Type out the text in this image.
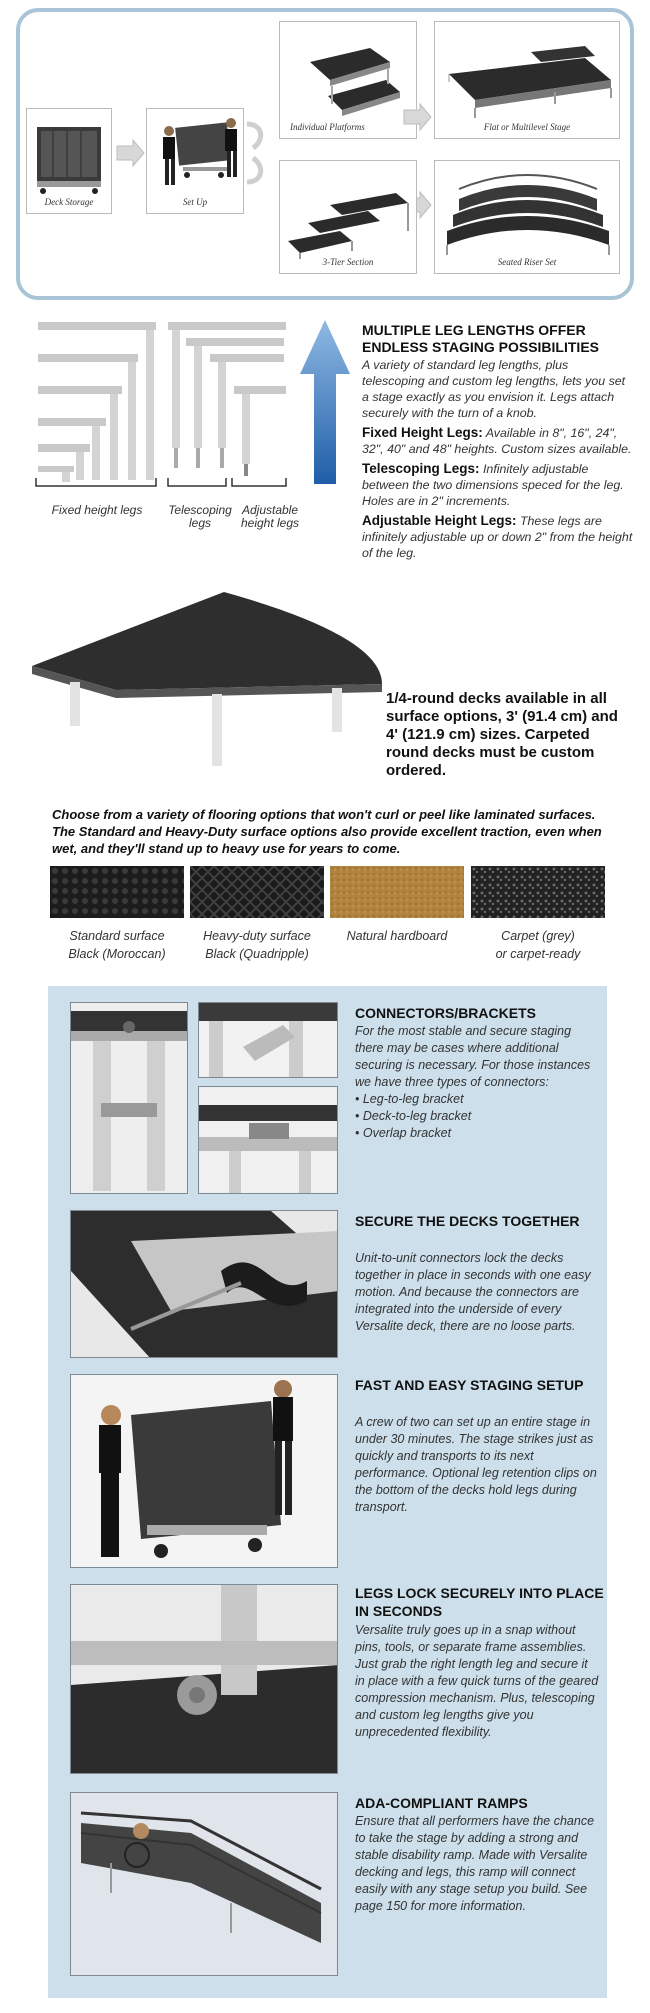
Deck Storage	Set Up
Individual Platforms	Flat or Multilevel Stage
3-Tier Section	Seated Riser Set
Fixed height legs	Telescoping legs
Adjustable height legs
MULTIPLE LEG LENGTHS OFFER ENDLESS STAGING POSSIBILITIES
A variety of standard leg lengths, plus telescoping and custom leg lengths, lets you set a stage exactly as you envision it. Legs attach securely with the turn of a knob.
Fixed Height Legs: Available in 8", 16", 24", 32", 40" and 48" heights. Custom sizes available.
Telescoping Legs: Infinitely adjustable between the two dimensions speced for the leg. Holes are in 2" increments.
Adjustable Height Legs: These legs are infinitely adjustable up or down 2" from the height of the leg.
1/4-round decks available in all surface options, 3' (91.4 cm) and 4' (121.9 cm) sizes. Carpeted round decks must be custom ordered.
Choose from a variety of flooring options that won't curl or peel like laminated surfaces. The Standard and Heavy-Duty surface options also provide excellent traction, even when wet, and they'll stand up to heavy use for years to come.
Standard surface
Black (Moroccan)
Heavy-duty surface
Black (Quadripple)
Natural hardboard	Carpet (grey)
or carpet-ready
CONNECTORS/BRACKETS
For the most stable and secure staging there may be cases where additional securing is necessary. For those instances we have three types of connectors:
• Leg-to-leg bracket
• Deck-to-leg bracket
• Overlap bracket
SECURE THE DECKS TOGETHER
Unit-to-unit connectors lock the decks together in place in seconds with one easy motion. And because the connectors are integrated into the underside of every Versalite deck, there are no loose parts.
FAST AND EASY STAGING SETUP
A crew of two can set up an entire stage in under 30 minutes. The stage strikes just as quickly and transports to its next performance. Optional leg retention clips on the bottom of the decks hold legs during transport.
LEGS LOCK SECURELY INTO PLACE IN SECONDS
Versalite truly goes up in a snap without pins, tools, or separate frame assemblies. Just grab the right length leg and secure it in place with a few quick turns of the geared compression mechanism. Plus, telescoping and custom leg lengths give you unprecedented flexibility.
ADA-COMPLIANT RAMPS
Ensure that all performers have the chance to take the stage by adding a strong and stable disability ramp. Made with Versalite decking and legs, this ramp will connect easily with any stage setup you build. See page 150 for more information.
